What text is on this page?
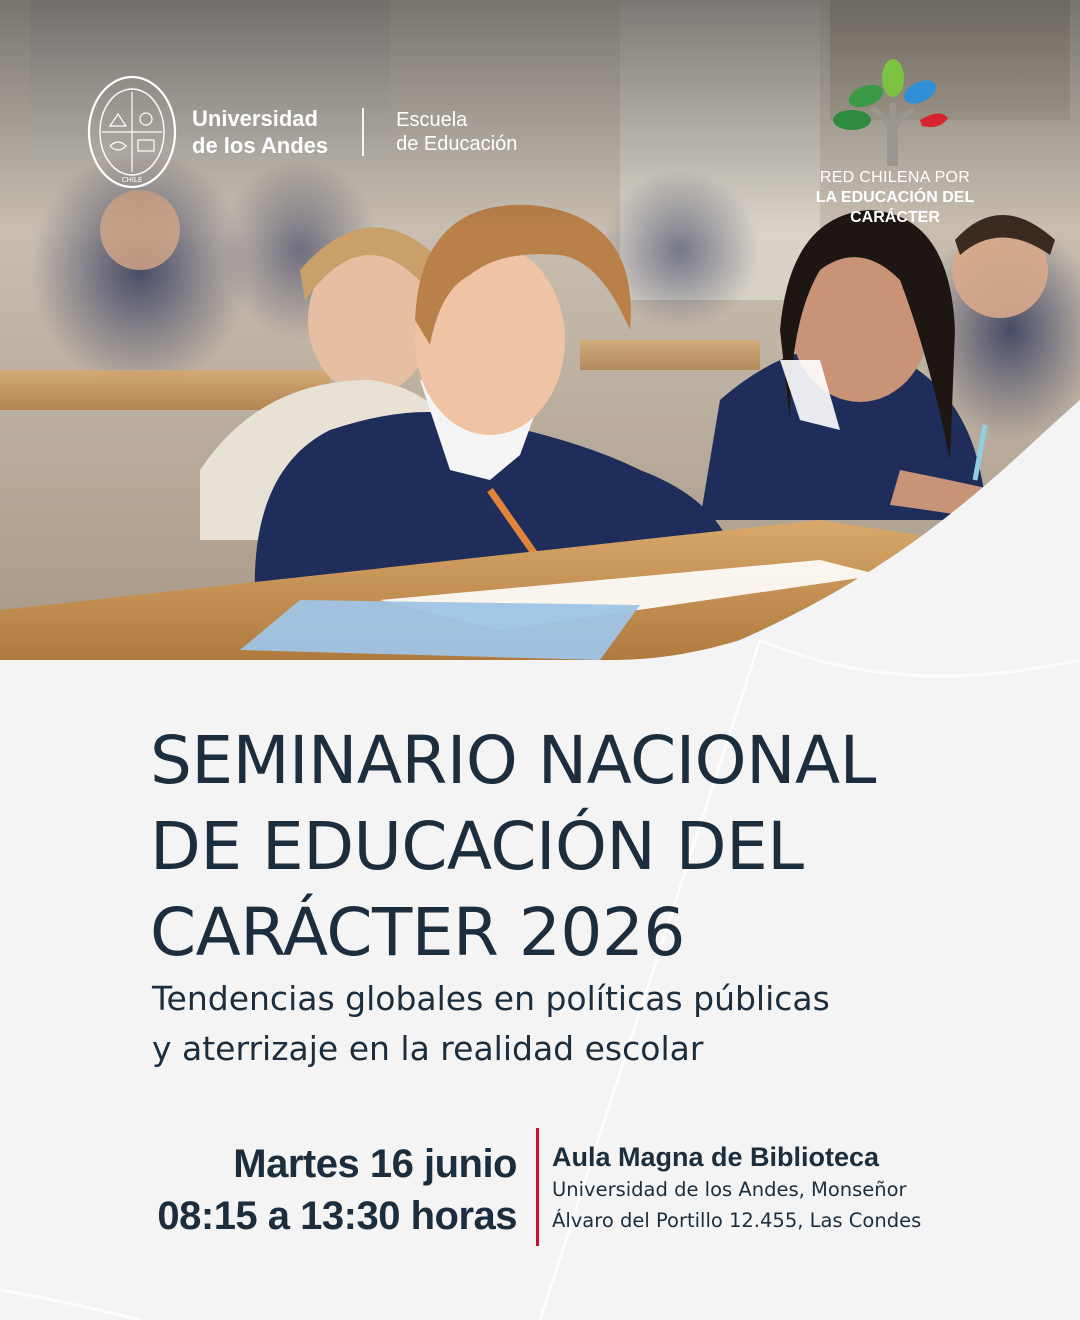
CHILE
Universidad
de los Andes
Escuela
de Educación
RED CHILENA POR
LA EDUCACIÓN DEL CARÁCTER
SEMINARIO NACIONAL
DE EDUCACIÓN DEL
CARÁCTER 2026
Tendencias globales en políticas públicas
y aterrizaje en la realidad escolar
Martes 16 junio
08:15 a 13:30 horas
Aula Magna de Biblioteca
Universidad de los Andes, Monseñor
Álvaro del Portillo 12.455, Las Condes
